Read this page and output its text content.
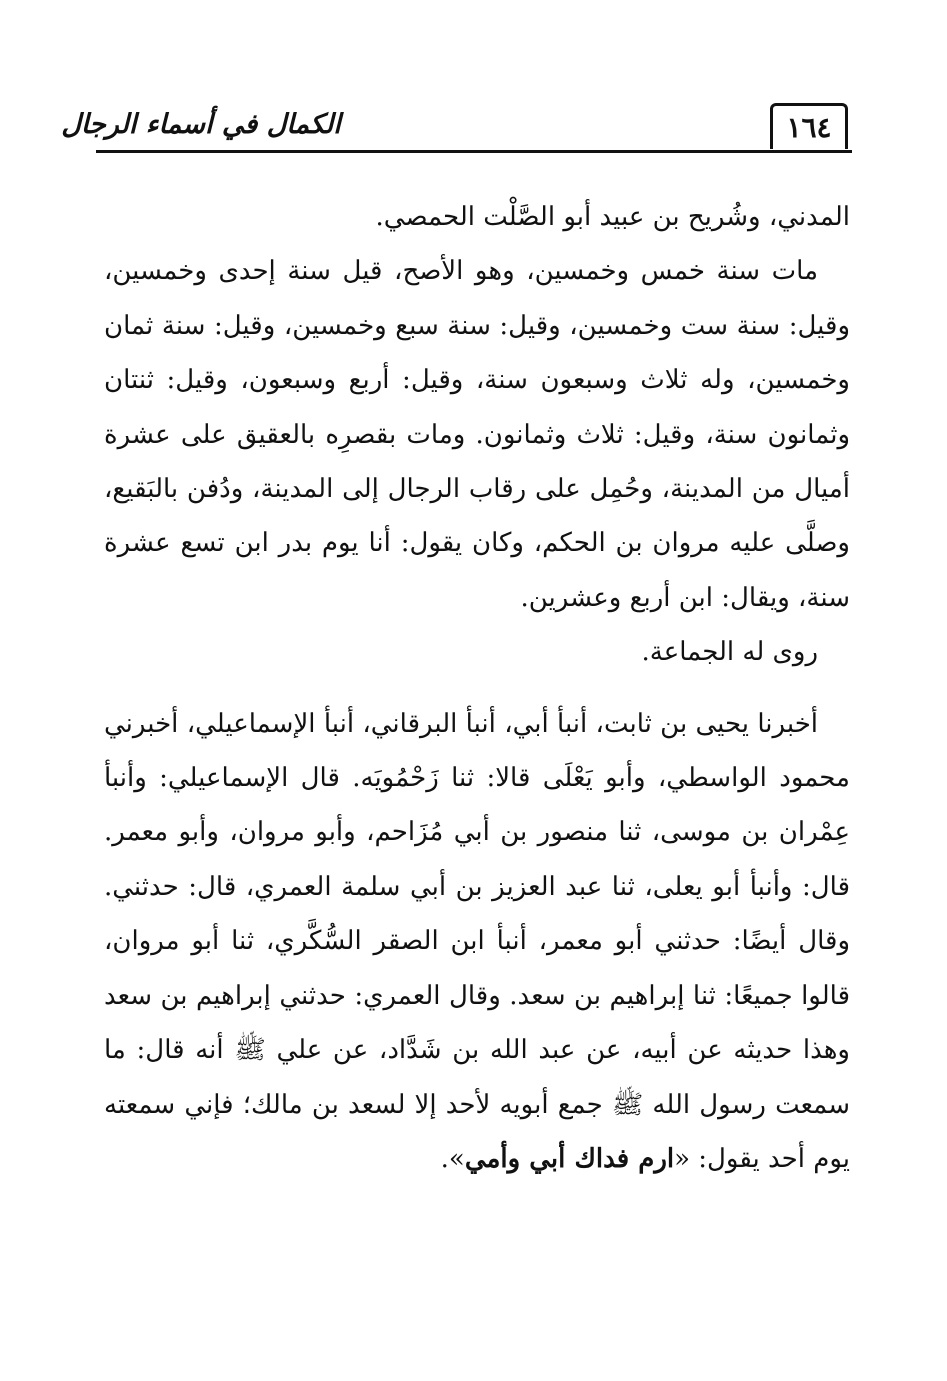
١٦٤
الكمال في أسماء الرجال

المدني، وشُريح بن عبيد أبو الصَّلْت الحمصي.

مات سنة خمس وخمسين، وهو الأصح، قيل سنة إحدى وخمسين، وقيل: سنة ست وخمسين، وقيل: سنة سبع وخمسين، وقيل: سنة ثمان وخمسين، وله ثلاث وسبعون سنة، وقيل: أربع وسبعون، وقيل: ثنتان وثمانون سنة، وقيل: ثلاث وثمانون. ومات بقصرِه بالعقيق على عشرة أميال من المدينة، وحُمِل على رقاب الرجال إلى المدينة، ودُفن بالبَقيع، وصلَّى عليه مروان بن الحكم، وكان يقول: أنا يوم بدر ابن تسع عشرة سنة، ويقال: ابن أربع وعشرين.

روى له الجماعة.

أخبرنا يحيى بن ثابت، أنبأ أبي، أنبأ البرقاني، أنبأ الإسماعيلي، أخبرني محمود الواسطي، وأبو يَعْلَى قالا: ثنا زَحْمُويَه. قال الإسماعيلي: وأنبأ عِمْران بن موسى، ثنا منصور بن أبي مُزَاحم، وأبو مروان، وأبو معمر. قال: وأنبأ أبو يعلى، ثنا عبد العزيز بن أبي سلمة العمري، قال: حدثني. وقال أيضًا: حدثني أبو معمر، أنبأ ابن الصقر السُّكَّري، ثنا أبو مروان، قالوا جميعًا: ثنا إبراهيم بن سعد. وقال العمري: حدثني إبراهيم بن سعد وهذا حديثه عن أبيه، عن عبد الله بن شَدَّاد، عن علي ﷺ أنه قال: ما سمعت رسول الله ﷺ جمع أبويه لأحد إلا لسعد بن مالك؛ فإني سمعته يوم أحد يقول: «ارم فداك أبي وأمي».
